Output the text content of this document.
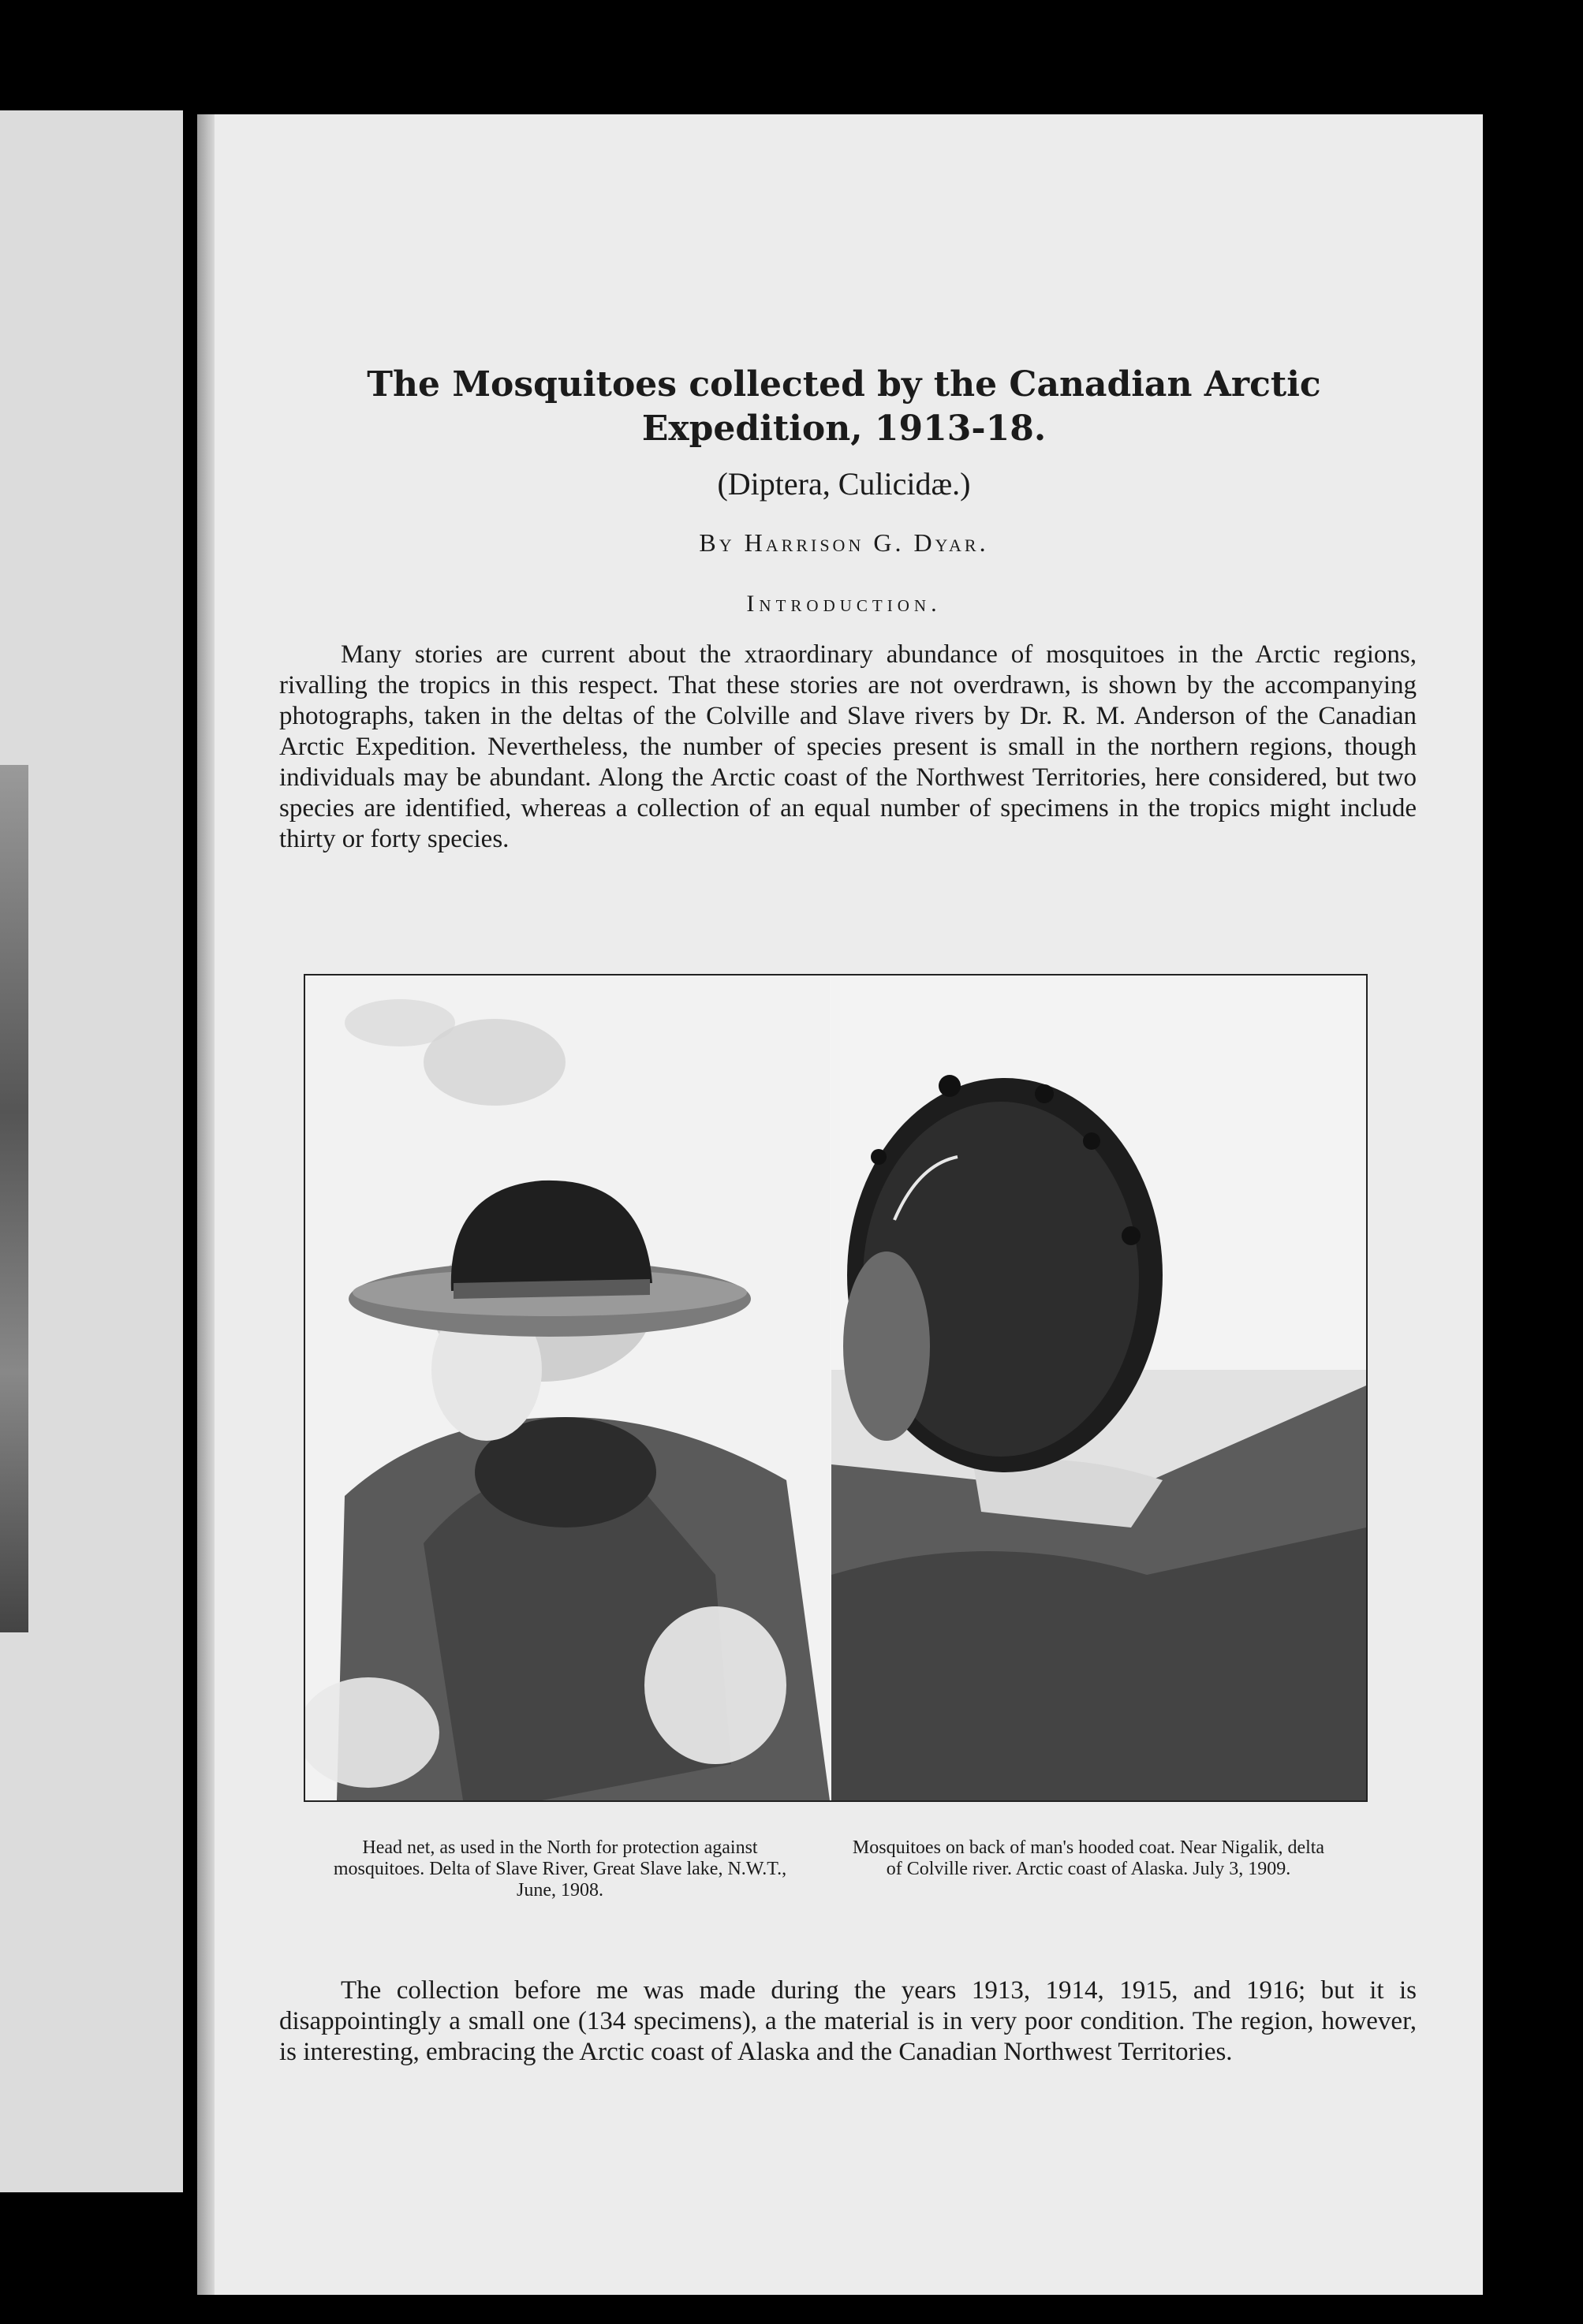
The Mosquitoes collected by the Canadian Arctic Expedition, 1913-18.

(Diptera, Culicidæ.)

By Harrison G. Dyar.

Introduction.

Many stories are current about the xtraordinary abundance of mosquitoes in the Arctic regions, rivalling the tropics in this respect. That these stories are not overdrawn, is shown by the accompanying photographs, taken in the deltas of the Colville and Slave rivers by Dr. R. M. Anderson of the Canadian Arctic Expedition. Nevertheless, the number of species present is small in the northern regions, though individuals may be abundant. Along the Arctic coast of the Northwest Territories, here considered, but two species are identified, whereas a collection of an equal number of specimens in the tropics might include thirty or forty species.

Head net, as used in the North for protection against mosquitoes. Delta of Slave River, Great Slave lake, N.W.T., June, 1908.

Mosquitoes on back of man's hooded coat. Near Nigalik, delta of Colville river. Arctic coast of Alaska. July 3, 1909.

The collection before me was made during the years 1913, 1914, 1915, and 1916; but it is disappointingly a small one (134 specimens), a the material is in very poor condition. The region, however, is interesting, embracing the Arctic coast of Alaska and the Canadian Northwest Territories.
